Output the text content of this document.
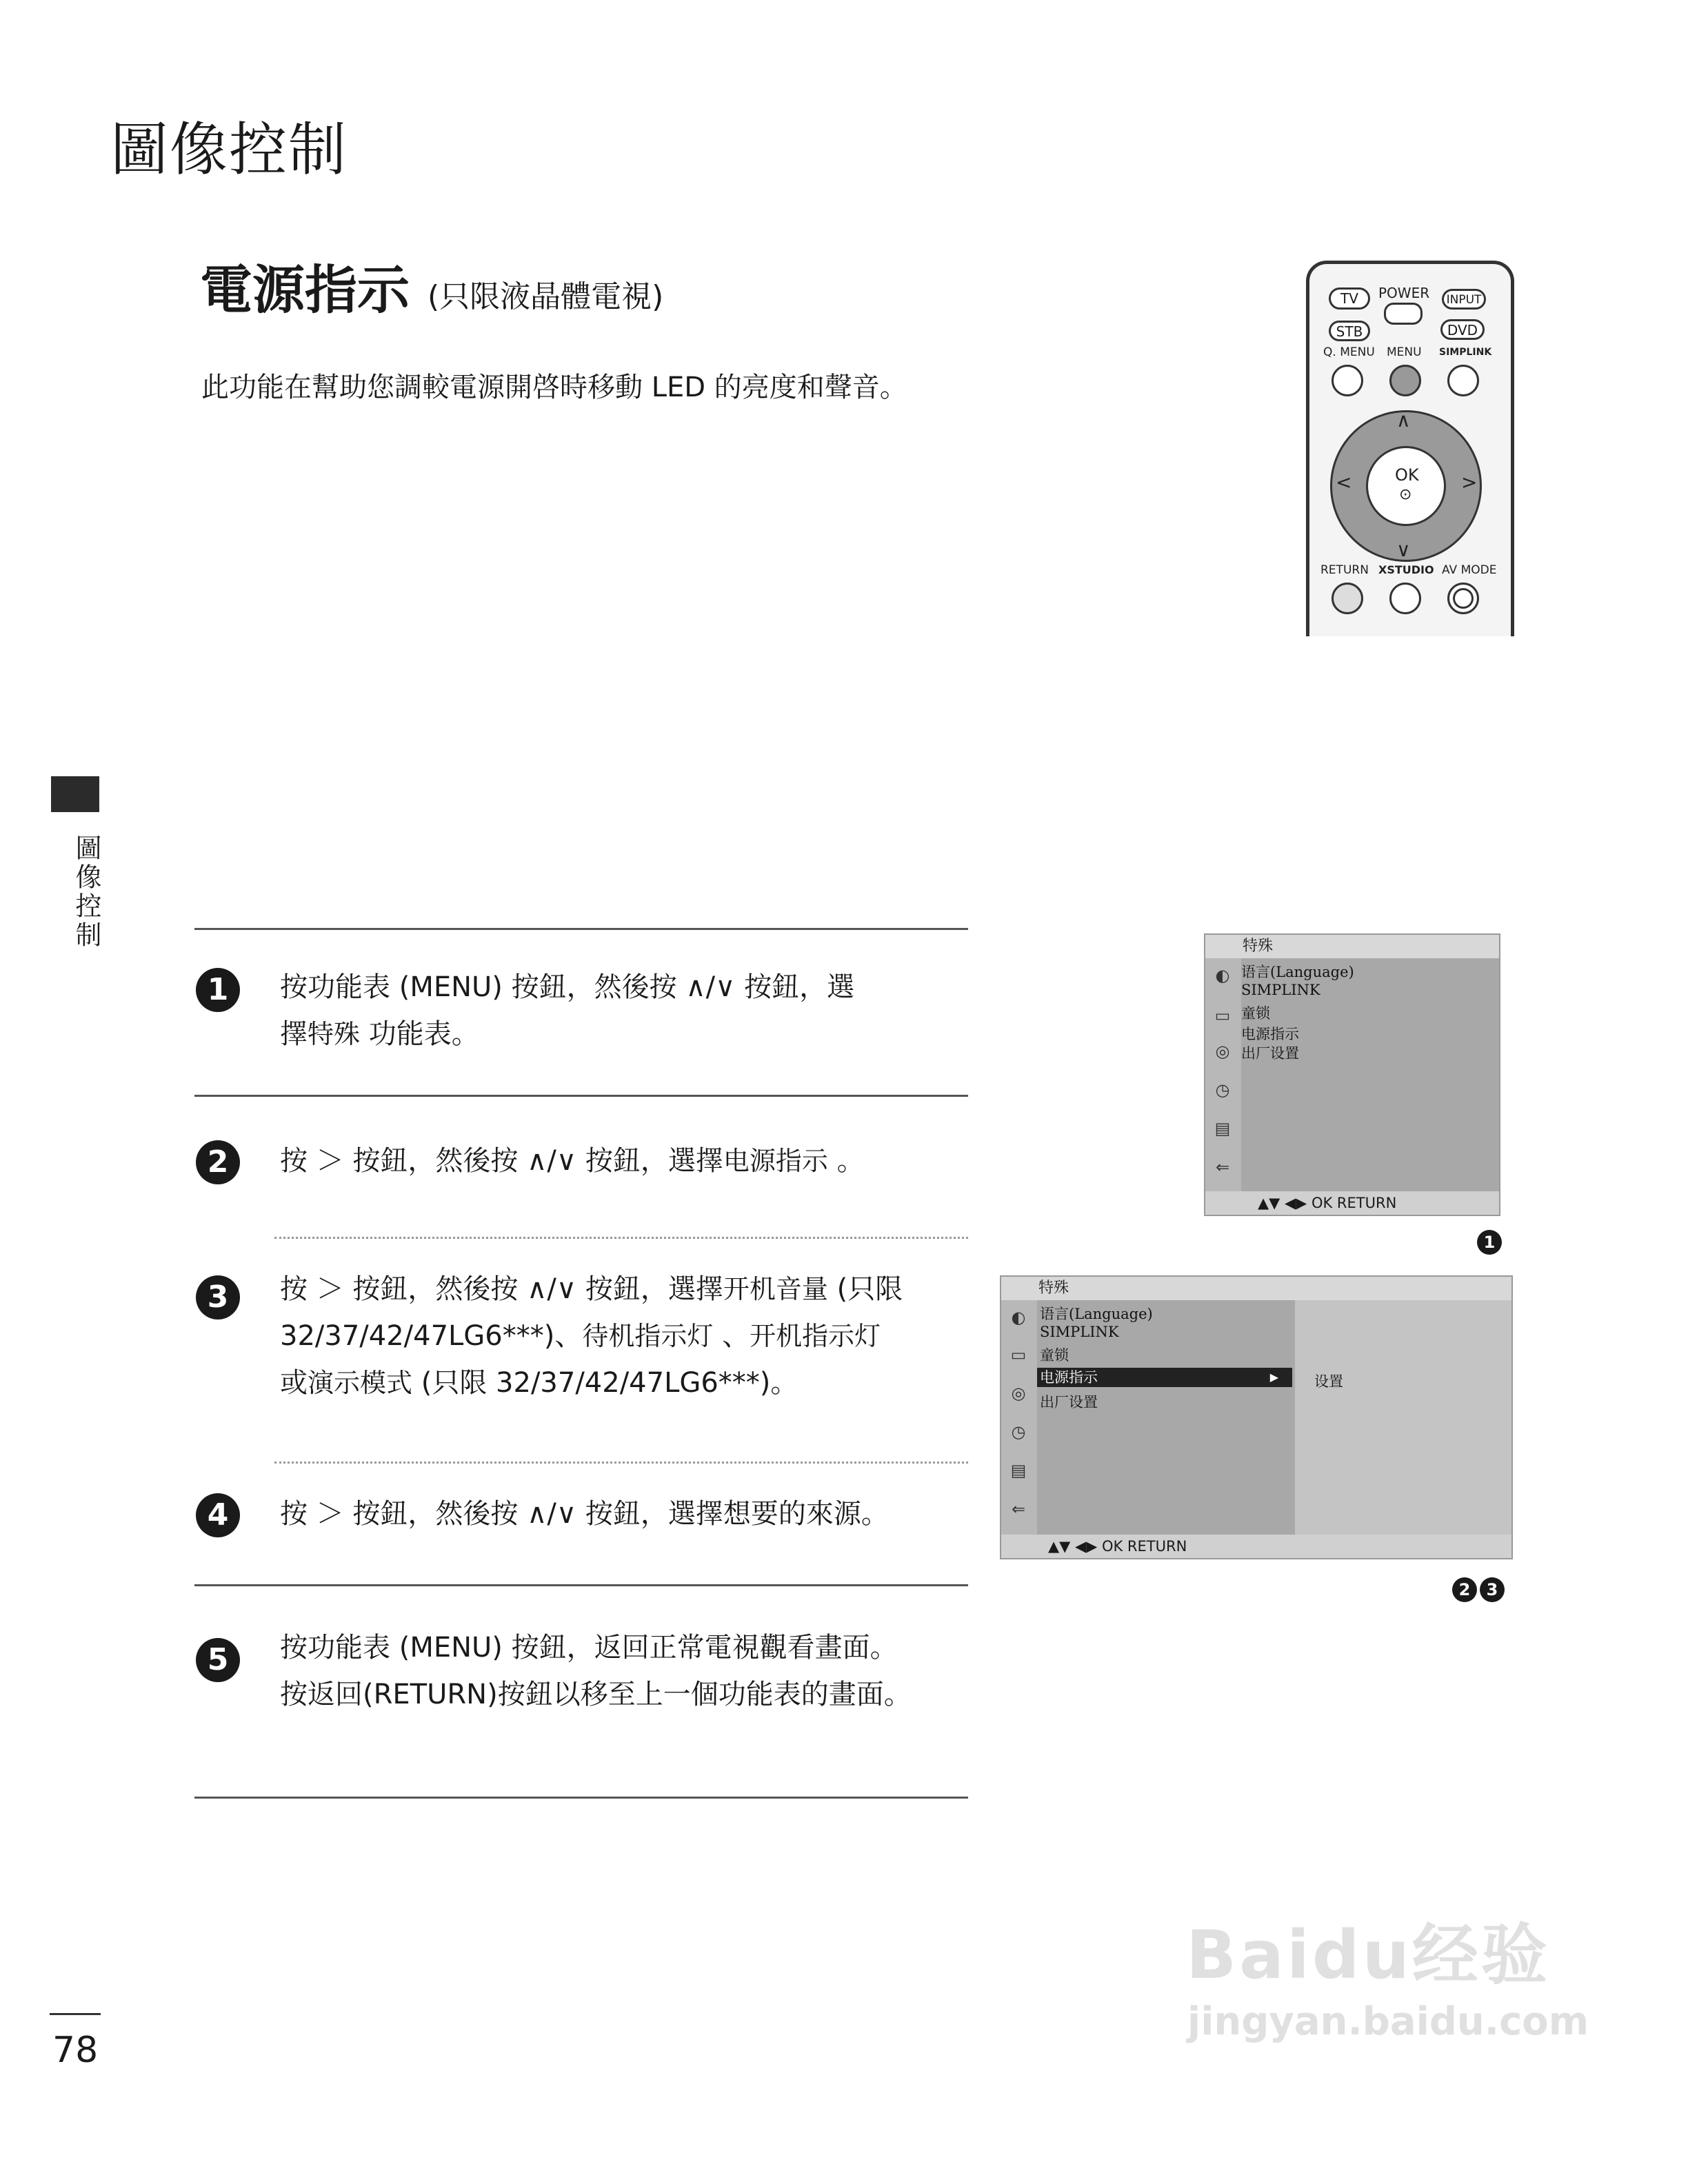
圖像控制
電源指示 (只限液晶體電視)
此功能在幫助您調較電源開啓時移動 LED 的亮度和聲音。
圖像控制
TV	POWER	INPUT
STB	DVD
Q. MENU MENU SIMPLINK
OK
⊙
∧
∨
<	>
RETURN XSTUDIO AV MODE
1	按功能表 (MENU) 按鈕，然後按 ∧/∨ 按鈕，選
擇特殊 功能表。
2	按 ＞ 按鈕，然後按 ∧/∨ 按鈕，選擇电源指示 。
3	按 ＞ 按鈕，然後按 ∧/∨ 按鈕，選擇开机音量 (只限
32/37/42/47LG6***)、待机指示灯 、开机指示灯
或演示模式 (只限 32/37/42/47LG6***)。
4	按 ＞ 按鈕，然後按 ∧/∨ 按鈕，選擇想要的來源。
5	按功能表 (MENU) 按鈕，返回正常電視觀看畫面。
按返回(RETURN)按鈕以移至上一個功能表的畫面。
特殊
◐
▭
◎
◷
▤
⇐
语言(Language)
SIMPLINK
童锁
电源指示
出厂设置
▲▼ ◀▶ OK RETURN
1
特殊
◐
▭
◎
◷
▤
⇐
语言(Language)
SIMPLINK
童锁
电源指示	▶
出厂设置
设置
▲▼ ◀▶ OK RETURN
2 3
78
Baidu经验
jingyan.baidu.com
